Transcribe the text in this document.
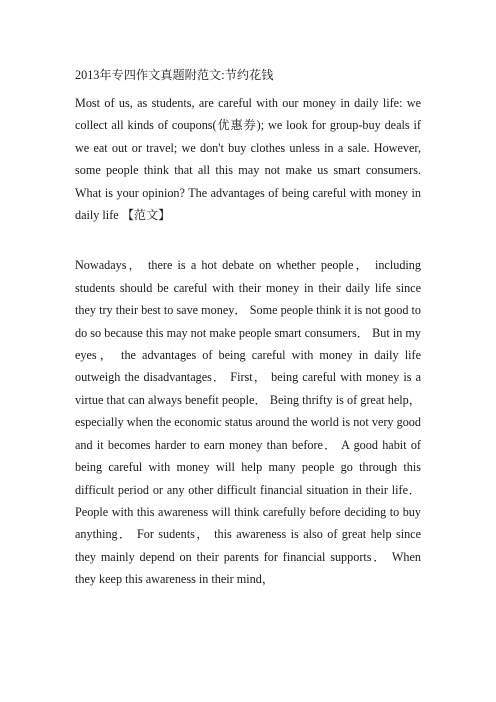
2013年专四作文真题附范文:节约花钱

Most of us, as students, are careful with our money in daily life: we collect all kinds of coupons(优惠券); we look for group-buy deals if we eat out or travel; we don't buy clothes unless in a sale. However, some people think that all this may not make us smart consumers. What is your opinion? The advantages of being careful with money in daily life 【范文】

Nowadays， there is a hot debate on whether people， including students should be careful with their money in their daily life since they try their best to save money． Some people think it is not good to do so because this may not make people smart consumers． But in my eyes， the advantages of being careful with money in daily life outweigh the disadvantages． First， being careful with money is a virtue that can always benefit people． Being thrifty is of great help， especially when the economic status around the world is not very good and it becomes harder to earn money than before． A good habit of being careful with money will help many people go through this difficult period or any other difficult financial situation in their life． People with this awareness will think carefully before deciding to buy anything． For sudents， this awareness is also of great help since they mainly depend on their parents for financial supports． When they keep this awareness in their mind，
